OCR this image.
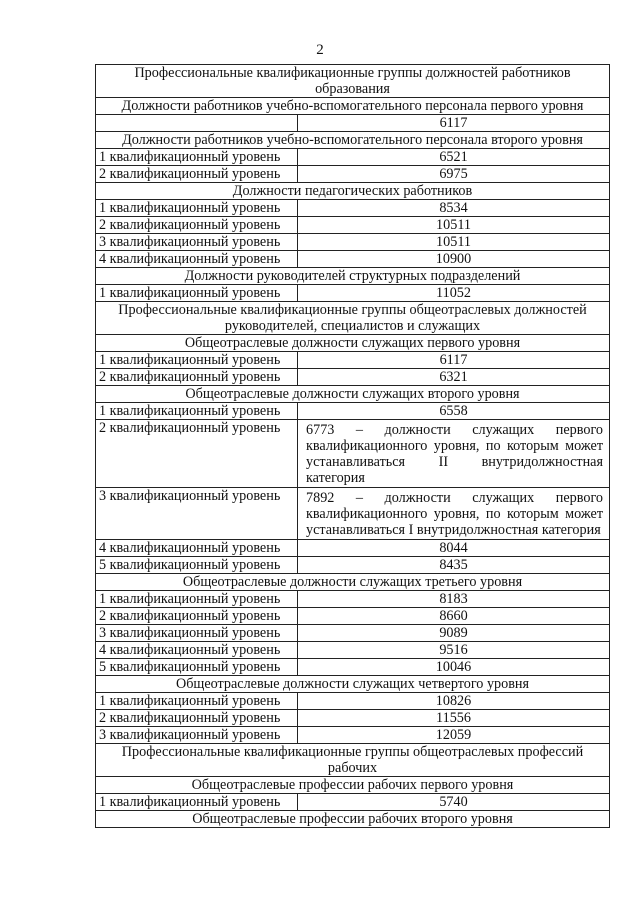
2
Профессиональные квалификационные группы должностей работников образования	
Должности работников учебно-вспомогательного персонала первого уровня	
	6117
Должности работников учебно-вспомогательного персонала второго уровня	
1 квалификационный уровень	6521
2 квалификационный уровень	6975
Должности педагогических работников	
1 квалификационный уровень	8534
2 квалификационный уровень	10511
3 квалификационный уровень	10511
4 квалификационный уровень	10900
Должности руководителей структурных подразделений	
1 квалификационный уровень	11052
Профессиональные квалификационные группы общеотраслевых должностей руководителей, специалистов и служащих	
Общеотраслевые должности служащих первого уровня	
1 квалификационный уровень	6117
2 квалификационный уровень	6321
Общеотраслевые должности служащих второго уровня	
1 квалификационный уровень	6558
2 квалификационный уровень	6773 – должности служащих первого квалификационного уровня, по которым может устанавливаться II внутридолжностная категория
3 квалификационный уровень	7892 – должности служащих первого квалификационного уровня, по которым может устанавливаться I внутридолжностная категория
4 квалификационный уровень	8044
5 квалификационный уровень	8435
Общеотраслевые должности служащих третьего уровня	
1 квалификационный уровень	8183
2 квалификационный уровень	8660
3 квалификационный уровень	9089
4 квалификационный уровень	9516
5 квалификационный уровень	10046
Общеотраслевые должности служащих четвертого уровня	
1 квалификационный уровень	10826
2 квалификационный уровень	11556
3 квалификационный уровень	12059
Профессиональные квалификационные группы общеотраслевых профессий рабочих	
Общеотраслевые профессии рабочих первого уровня	
1 квалификационный уровень	5740
Общеотраслевые профессии рабочих второго уровня	
